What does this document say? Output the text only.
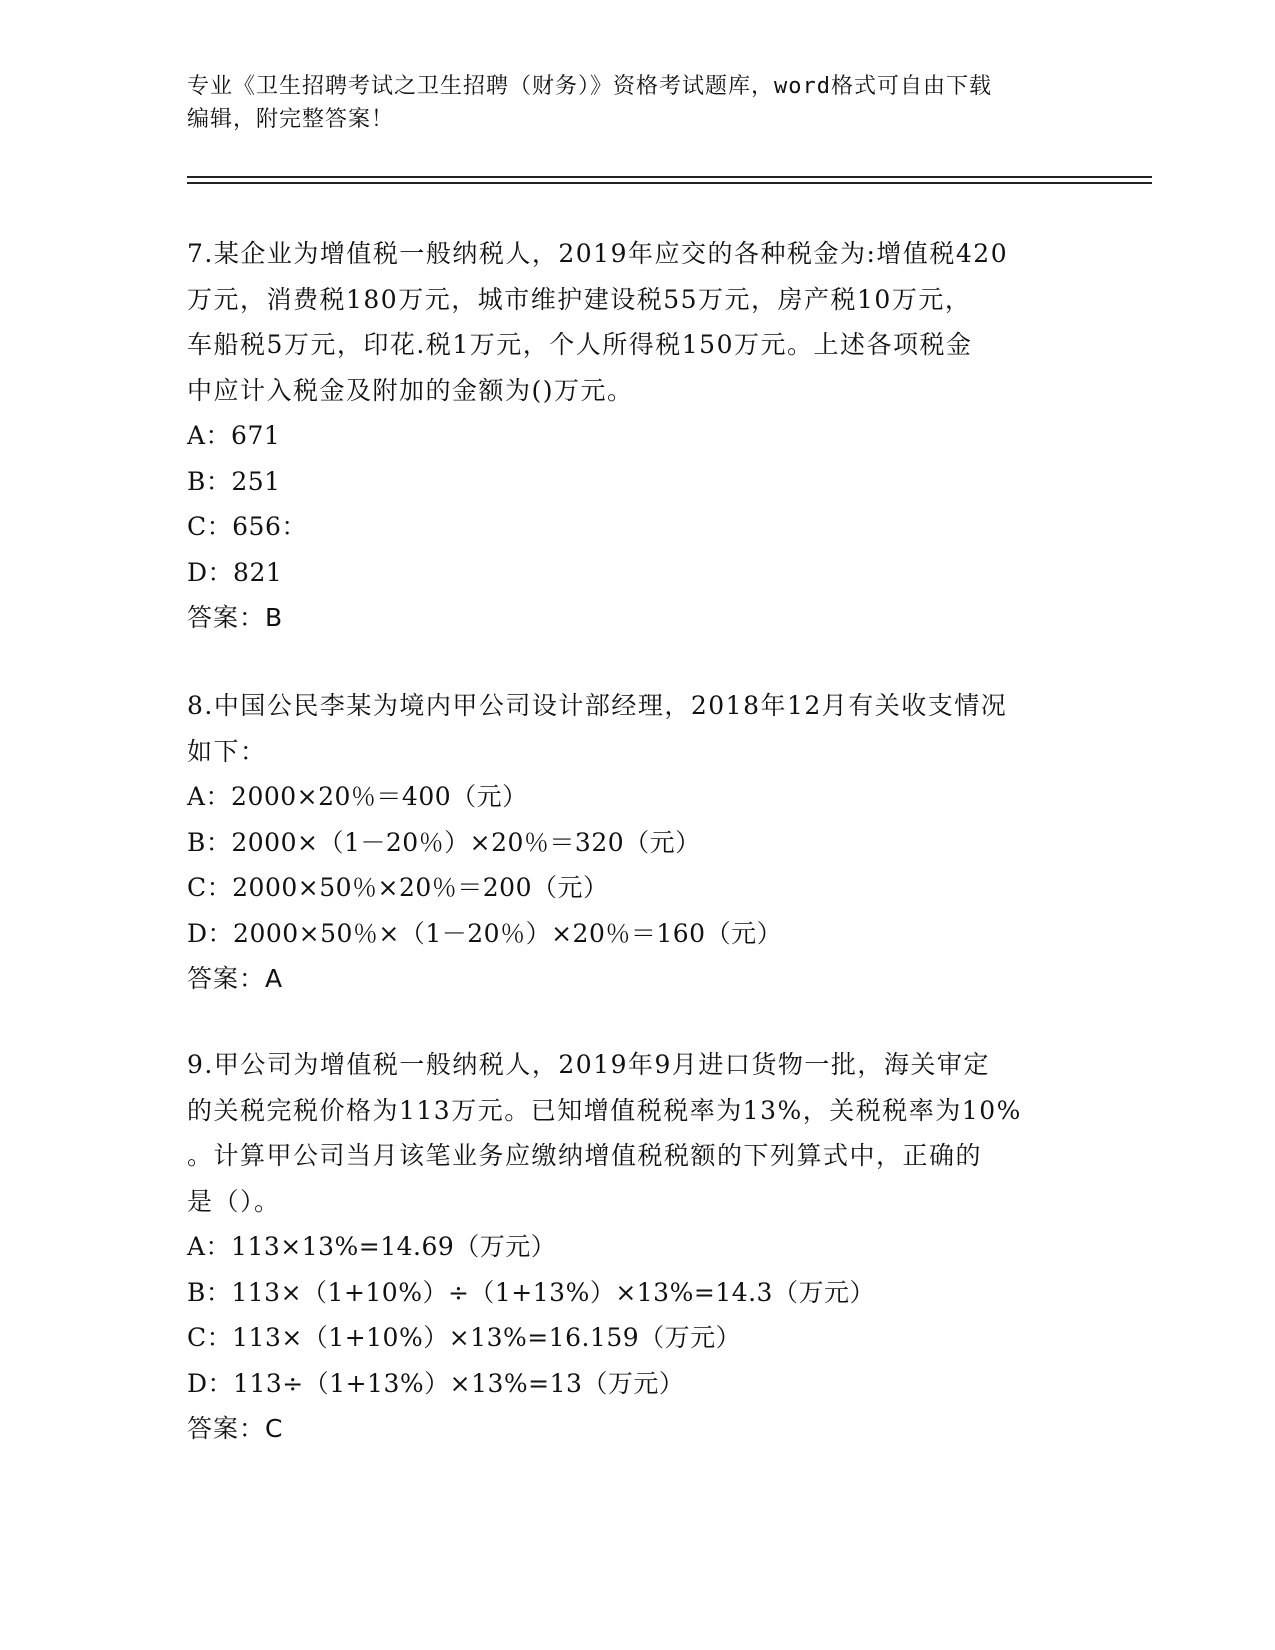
专业《卫生招聘考试之卫生招聘（财务）》资格考试题库，word格式可自由下载
编辑，附完整答案！
7.某企业为增值税一般纳税人，2019年应交的各种税金为:增值税420
万元，消费税180万元，城市维护建设税55万元，房产税10万元，
车船税5万元，印花.税1万元，个人所得税150万元。上述各项税金
中应计入税金及附加的金额为()万元。
A：671
B：251
C：656：
D：821
答案：B
8.中国公民李某为境内甲公司设计部经理，2018年12月有关收支情况
如下：
A：2000×20％＝400（元）
B：2000×（1－20％）×20％＝320（元）
C：2000×50％×20％＝200（元）
D：2000×50％×（1－20％）×20％＝160（元）
答案：A
9.甲公司为增值税一般纳税人，2019年9月进口货物一批，海关审定
的关税完税价格为113万元。已知增值税税率为13%，关税税率为10%
。计算甲公司当月该笔业务应缴纳增值税税额的下列算式中，正确的
是（）。
A：113×13%=14.69（万元）
B：113×（1+10%）÷（1+13%）×13%=14.3（万元）
C：113×（1+10%）×13%=16.159（万元）
D：113÷（1+13%）×13%=13（万元）
答案：C
